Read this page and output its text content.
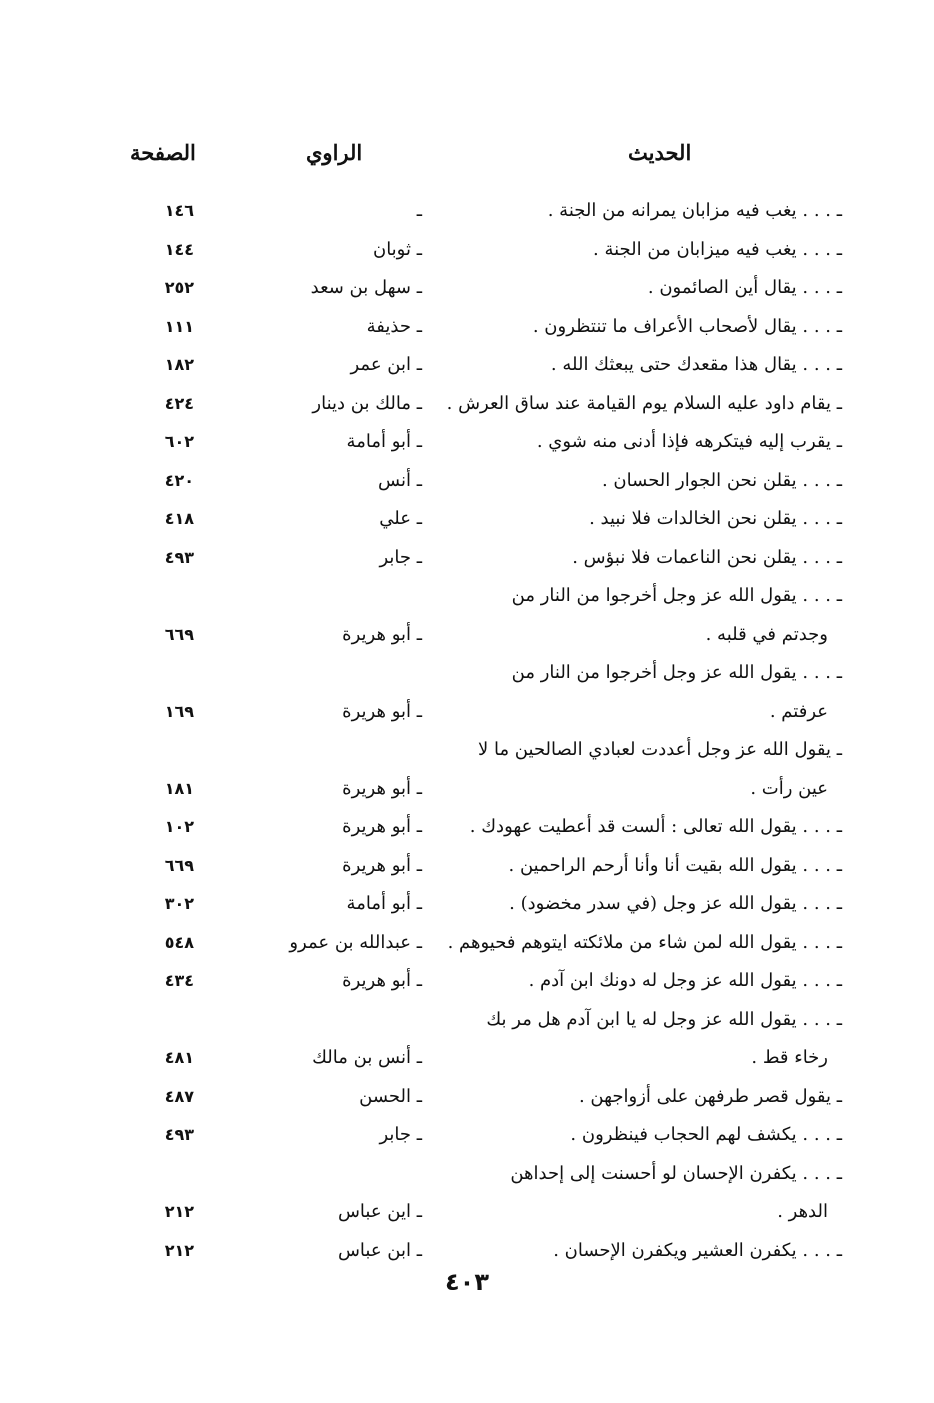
الحديث
الراوي
الصفحة
ـ . . . يغب فيه مزابان يمرانه من الجنة .
ـ
١٤٦
ـ . . . يغب فيه ميزابان من الجنة .
ـ ثوبان
١٤٤
ـ . . . يقال أين الصائمون .
ـ سهل بن سعد
٢٥٢
ـ . . . يقال لأصحاب الأعراف ما تنتظرون .
ـ حذيفة
١١١
ـ . . . يقال هذا مقعدك حتى يبعثك الله .
ـ ابن عمر
١٨٢
ـ يقام داود عليه السلام يوم القيامة عند ساق العرش .
ـ مالك بن دينار
٤٢٤
ـ يقرب إليه فيتكرهه فإذا أدنى منه شوي .
ـ أبو أمامة
٦٠٢
ـ . . . يقلن نحن الجوار الحسان .
ـ أنس
٤٢٠
ـ . . . يقلن نحن الخالدات فلا نبيد .
ـ علي
٤١٨
ـ . . . يقلن نحن الناعمات فلا نبؤس .
ـ جابر
٤٩٣
ـ . . . يقول الله عز وجل أخرجوا من النار من
وجدتم في قلبه .
ـ أبو هريرة
٦٦٩
ـ . . . يقول الله عز وجل أخرجوا من النار من
عرفتم .
ـ أبو هريرة
١٦٩
ـ يقول الله عز وجل أعددت لعبادي الصالحين ما لا
عين رأت .
ـ أبو هريرة
١٨١
ـ . . . يقول الله تعالى : ألست قد أعطيت عهودك .
ـ أبو هريرة
١٠٢
ـ . . . يقول الله بقيت أنا وأنا أرحم الراحمين .
ـ أبو هريرة
٦٦٩
ـ . . . يقول الله عز وجل (في سدر مخضود) .
ـ أبو أمامة
٣٠٢
ـ . . . يقول الله لمن شاء من ملائكته ايتوهم فحيوهم .
ـ عبدالله بن عمرو
٥٤٨
ـ . . . يقول الله عز وجل له دونك ابن آدم .
ـ أبو هريرة
٤٣٤
ـ . . . يقول الله عز وجل له يا ابن آدم هل مر بك
رخاء قط .
ـ أنس بن مالك
٤٨١
ـ يقول قصر طرفهن على أزواجهن .
ـ الحسن
٤٨٧
ـ . . . يكشف لهم الحجاب فينظرون .
ـ جابر
٤٩٣
ـ . . . يكفرن الإحسان لو أحسنت إلى إحداهن
الدهر .
ـ اين عباس
٢١٢
ـ . . . يكفرن العشير ويكفرن الإحسان .
ـ ابن عباس
٢١٢
٤٠٣
